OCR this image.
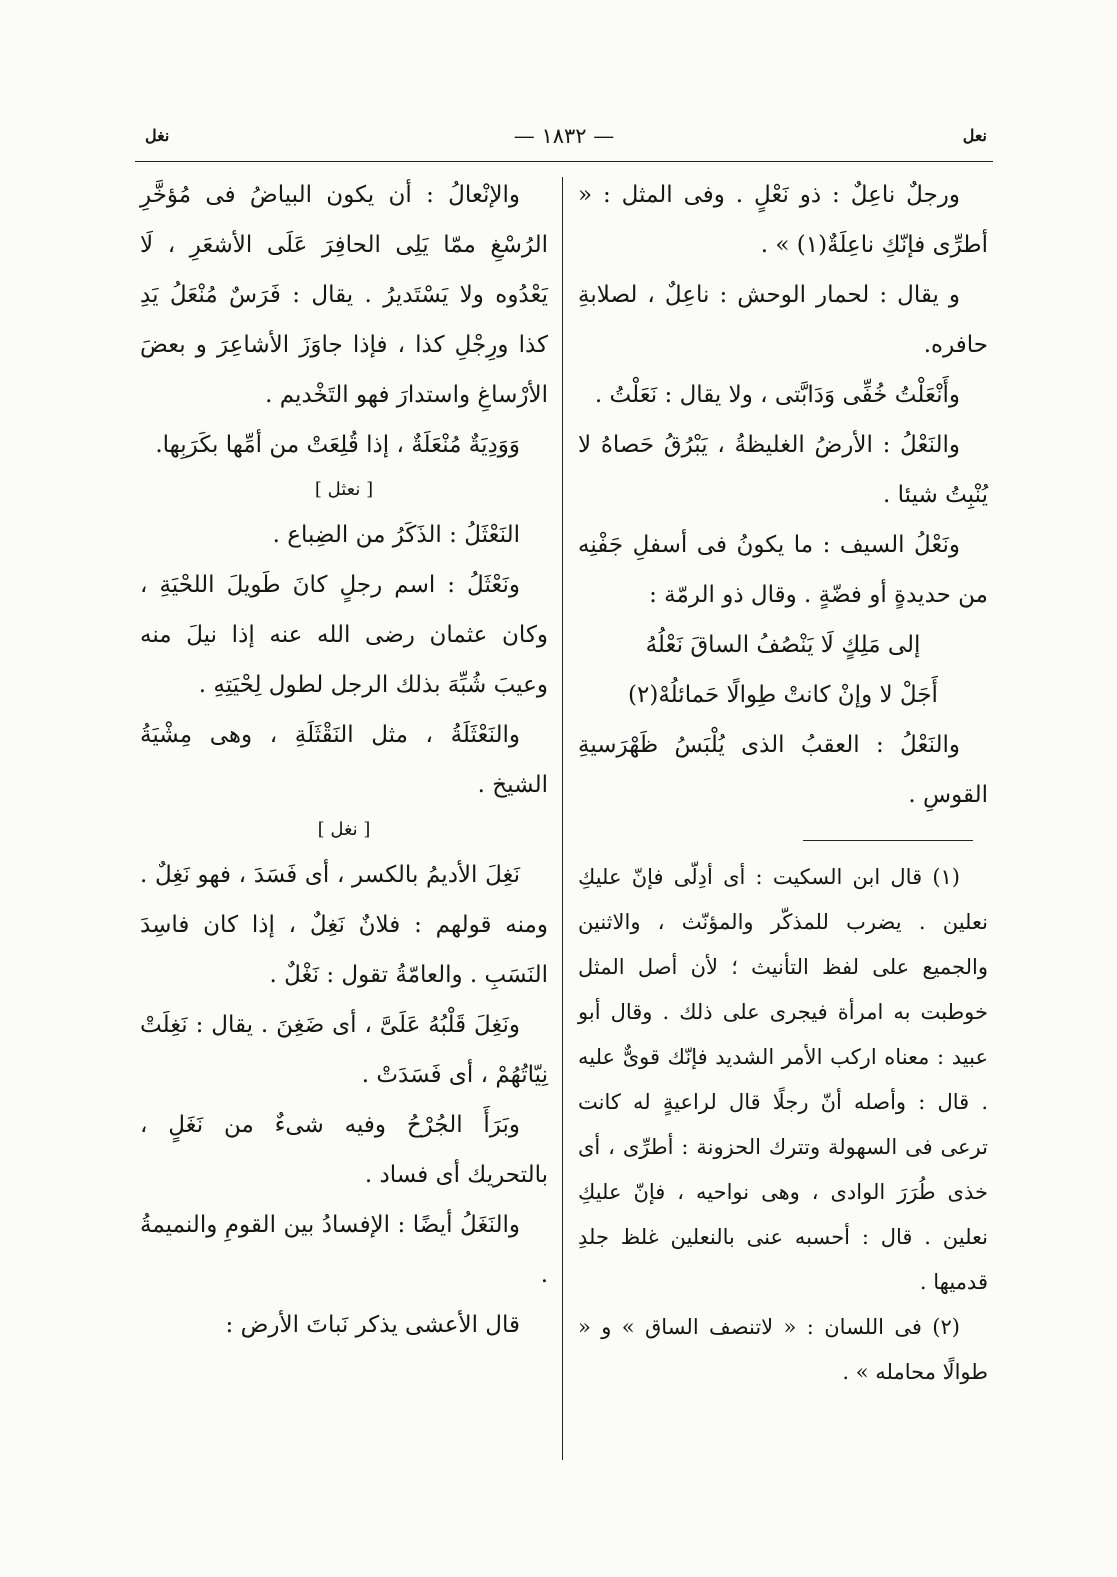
نغل	— ١٨٣٢ —	نعل

ورجلٌ ناعِلٌ : ذو نَعْلٍ . وفى المثل : « أطرِّى فإنّكِ ناعِلَةٌ(١) » .

و يقال : لحمار الوحش : ناعِلٌ ، لصلابةِ حافره.

وأَنْعَلْتُ خُفِّى وَدَابَّتى ، ولا يقال : نَعَلْتُ .

والنَعْلُ : الأرضُ الغليظةُ ، يَبْرُقُ حَصاهُ لا يُنْبِتُ شيئا .

ونَعْلُ السيف : ما يكونُ فى أسفلِ جَفْنِه من حديدةٍ أو فضّةٍ . وقال ذو الرمّة :

إلى مَلِكٍ لَا يَنْصُفُ الساقَ نَعْلُهُ

أَجَلْ لا وإنْ كانتْ طِوالًا حَمائلُهْ(٢)

والنَعْلُ : العقبُ الذى يُلْبَسُ ظَهْرَسيةِ القوسِ .

(١) قال ابن السكيت : أى أدِلّى فإنّ عليكِ نعلين . يضرب للمذكّر والمؤنّث ، والاثنين والجميع على لفظ التأنيث ؛ لأن أصل المثل خوطبت به امرأة فيجرى على ذلك . وقال أبو عبيد : معناه اركب الأمر الشديد فإنّك قوىٌّ عليه . قال : وأصله أنّ رجلًا قال لراعيةٍ له كانت ترعى فى السهولة وتترك الحزونة : أطرِّى ، أى خذى طُرَرَ الوادى ، وهى نواحيه ، فإنّ عليكِ نعلين . قال : أحسبه عنى بالنعلين غلظ جلدِ قدميها .

(٢) فى اللسان : « لاتنصف الساق » و « طوالًا محامله » .

والإنْعالُ : أن يكون البياضُ فى مُؤخَّرِ الرُسْغِ ممّا يَلِى الحافِرَ عَلَى الأشعَرِ ، لَا يَعْدُوه ولا يَسْتَديرُ . يقال : فَرَسٌ مُنْعَلُ يَدِ كذا ورِجْلِ كذا ، فإذا جاوَزَ الأشاعِرَ و بعضَ الأرْساغِ واستدارَ فهو التَخْديم .

وَوَدِيَةٌ مُنْعَلَةٌ ، إذا قُلِعَتْ من أمِّها بكَرَبِها.

[ نعثل ]

النَعْثَلُ : الذَكَرُ من الضِباع .

ونَعْثَلُ : اسم رجلٍ كانَ طَويلَ اللحْيَةِ ، وكان عثمان رضى الله عنه إذا نيلَ منه وعيبَ شُبِّهَ بذلك الرجل لطول لِحْيَتِهِ .

والنَعْثَلَةُ ، مثل النَقْثَلَةِ ، وهى مِشْيَةُ الشيخ .

[ نغل ]

نَغِلَ الأديمُ بالكسر ، أى فَسَدَ ، فهو نَغِلٌ . ومنه قولهم : فلانٌ نَغِلٌ ، إذا كان فاسِدَ النَسَبِ . والعامّةُ تقول : نَغْلٌ .

ونَغِلَ قَلْبُهُ عَلَىَّ ، أى ضَغِنَ . يقال : نَغِلَتْ نِيّاتُهُمْ ، أى فَسَدَتْ .

وبَرَأَ الجُرْحُ وفيه شىءٌ من نَغَلٍ ، بالتحريك أى فساد .

والنَغَلُ أيضًا : الإفسادُ بين القومِ والنميمةُ .

قال الأعشى يذكر نَباتَ الأرض :
